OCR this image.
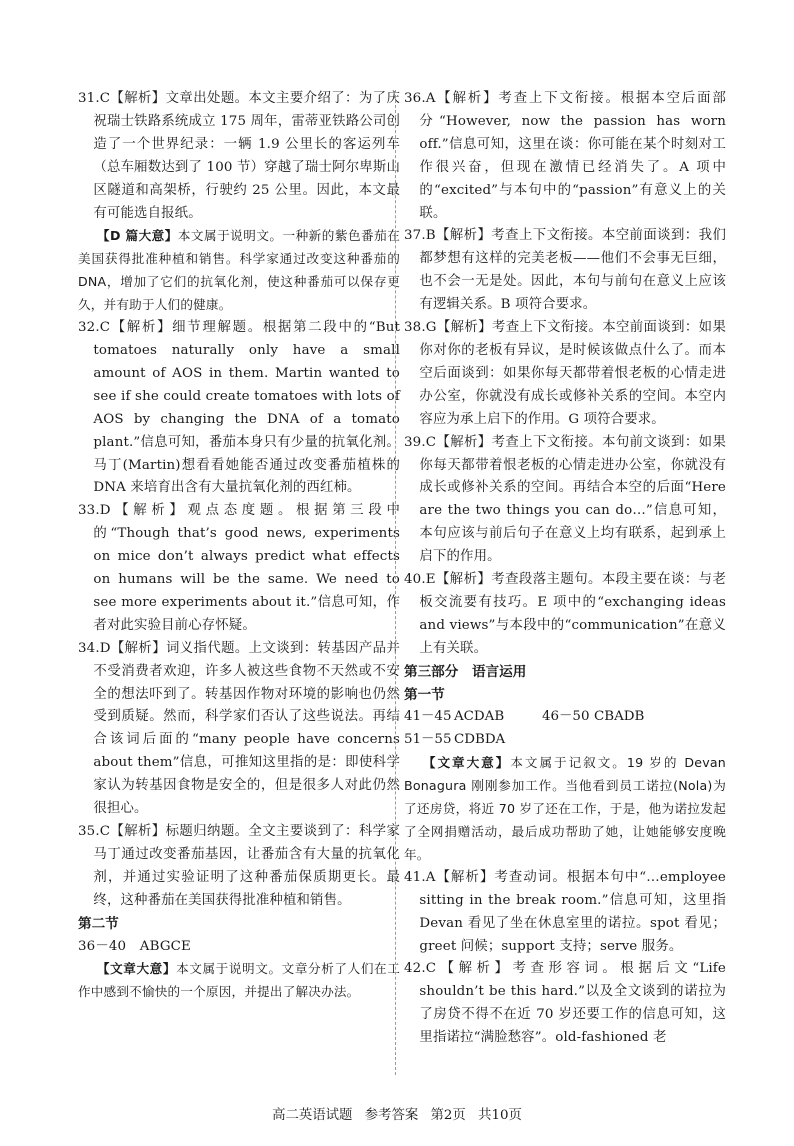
31.C【解析】文章出处题。本文主要介绍了：为了庆祝瑞士铁路系统成立 175 周年，雷蒂亚铁路公司创造了一个世界纪录：一辆 1.9 公里长的客运列车（总车厢数达到了 100 节）穿越了瑞士阿尔卑斯山区隧道和高架桥，行驶约 25 公里。因此，本文最有可能选自报纸。

【D 篇大意】本文属于说明文。一种新的紫色番茄在美国获得批准种植和销售。科学家通过改变这种番茄的 DNA，增加了它们的抗氧化剂，使这种番茄可以保存更久，并有助于人们的健康。

32.C【解析】细节理解题。根据第二段中的“But tomatoes naturally only have a small amount of AOS in them. Martin wanted to see if she could create tomatoes with lots of AOS by changing the DNA of a tomato plant.”信息可知，番茄本身只有少量的抗氧化剂。马丁(Martin)想看看她能否通过改变番茄植株的 DNA 来培育出含有大量抗氧化剂的西红柿。

33.D【解析】观点态度题。根据第三段中的“Though that’s good news, experiments on mice don’t always predict what effects on humans will be the same. We need to see more experiments about it.”信息可知，作者对此实验目前心存怀疑。

34.D【解析】词义指代题。上文谈到：转基因产品并不受消费者欢迎，许多人被这些食物不天然或不安全的想法吓到了。转基因作物对环境的影响也仍然受到质疑。然而，科学家们否认了这些说法。再结合该词后面的“many people have concerns about them”信息，可推知这里指的是：即使科学家认为转基因食物是安全的，但是很多人对此仍然很担心。

35.C【解析】标题归纳题。全文主要谈到了：科学家马丁通过改变番茄基因，让番茄含有大量的抗氧化剂，并通过实验证明了这种番茄保质期更长。最终，这种番茄在美国获得批准种植和销售。

第二节

36－40　ABGCE

【文章大意】本文属于说明文。文章分析了人们在工作中感到不愉快的一个原因，并提出了解决办法。

36.A【解析】考查上下文衔接。根据本空后面部分“However, now the passion has worn off.”信息可知，这里在谈：你可能在某个时刻对工作很兴奋，但现在激情已经消失了。A 项中的“excited”与本句中的“passion”有意义上的关联。

37.B【解析】考查上下文衔接。本空前面谈到：我们都梦想有这样的完美老板——他们不会事无巨细，也不会一无是处。因此，本句与前句在意义上应该有逻辑关系。B 项符合要求。

38.G【解析】考查上下文衔接。本空前面谈到：如果你对你的老板有异议，是时候该做点什么了。而本空后面谈到：如果你每天都带着恨老板的心情走进办公室，你就没有成长或修补关系的空间。本空内容应为承上启下的作用。G 项符合要求。

39.C【解析】考查上下文衔接。本句前文谈到：如果你每天都带着恨老板的心情走进办公室，你就没有成长或修补关系的空间。再结合本空的后面“Here are the two things you can do…”信息可知，本句应该与前后句子在意义上均有联系，起到承上启下的作用。

40.E【解析】考查段落主题句。本段主要在谈：与老板交流要有技巧。E 项中的“exchanging ideas and views”与本段中的“communication”在意义上有关联。

第三部分　语言运用
第一节
41－45 ACDAB	46－50 CBADB
51－55 CDBDA

【文章大意】本文属于记叙文。19 岁的 Devan Bonagura 刚刚参加工作。当他看到员工诺拉(Nola)为了还房贷，将近 70 岁了还在工作，于是，他为诺拉发起了全网捐赠活动，最后成功帮助了她，让她能够安度晚年。

41.A【解析】考查动词。根据本句中“…employee sitting in the break room.”信息可知，这里指 Devan 看见了坐在休息室里的诺拉。spot 看见；greet 问候；support 支持；serve 服务。

42.C【解析】考查形容词。根据后文“Life shouldn’t be this hard.”以及全文谈到的诺拉为了房贷不得不在近 70 岁还要工作的信息可知，这里指诺拉“满脸愁容”。old-fashioned 老

高二英语试题 参考答案 第2页 共10页
